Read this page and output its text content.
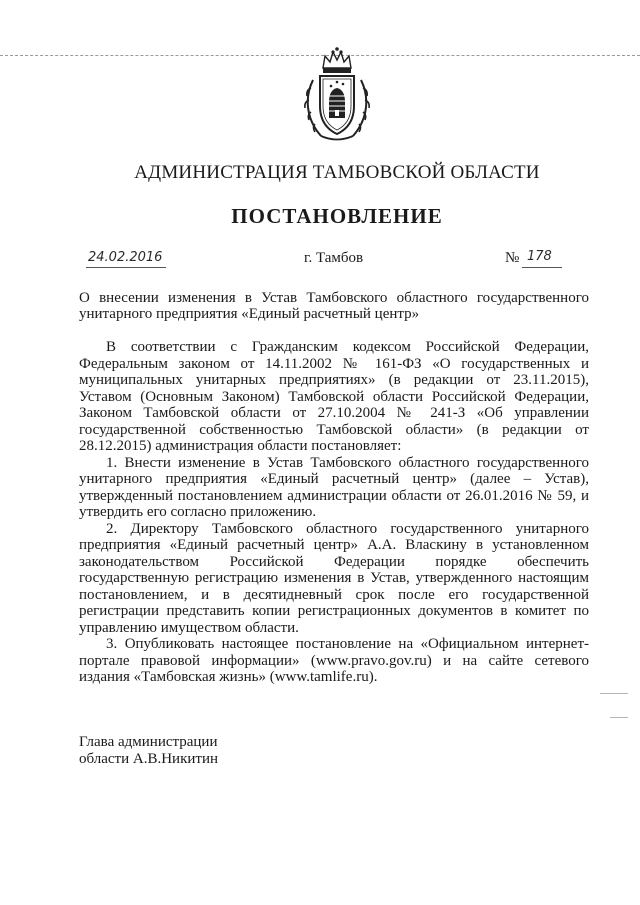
АДМИНИСТРАЦИЯ ТАМБОВСКОЙ ОБЛАСТИ
ПОСТАНОВЛЕНИЕ
24.02.2016	г. Тамбов	№ 178
О внесении изменения в Устав Тамбовского областного государственного унитарного предприятия «Единый расчетный центр»

В соответствии с Гражданским кодексом Российской Федерации, Федеральным законом от 14.11.2002 № 161-ФЗ «О государственных и муниципальных унитарных предприятиях» (в редакции от 23.11.2015), Уставом (Основным Законом) Тамбовской области Российской Федерации, Законом Тамбовской области от 27.10.2004 № 241-З «Об управлении государственной собственностью Тамбовской области» (в редакции от 28.12.2015) администрация области постановляет:

1. Внести изменение в Устав Тамбовского областного государственного унитарного предприятия «Единый расчетный центр» (далее – Устав), утвержденный постановлением администрации области от 26.01.2016 № 59, и утвердить его согласно приложению.

2. Директору Тамбовского областного государственного унитарного предприятия «Единый расчетный центр» А.А. Власкину в установленном законодательством Российской Федерации порядке обеспечить государственную регистрацию изменения в Устав, утвержденного настоящим постановлением, и в десятидневный срок после его государственной регистрации представить копии регистрационных документов в комитет по управлению имуществом области.

3. Опубликовать настоящее постановление на «Официальном интернет-портале правовой информации» (www.pravo.gov.ru) и на сайте сетевого издания «Тамбовская жизнь» (www.tamlife.ru).

Глава администрации
области А.В.Никитин
